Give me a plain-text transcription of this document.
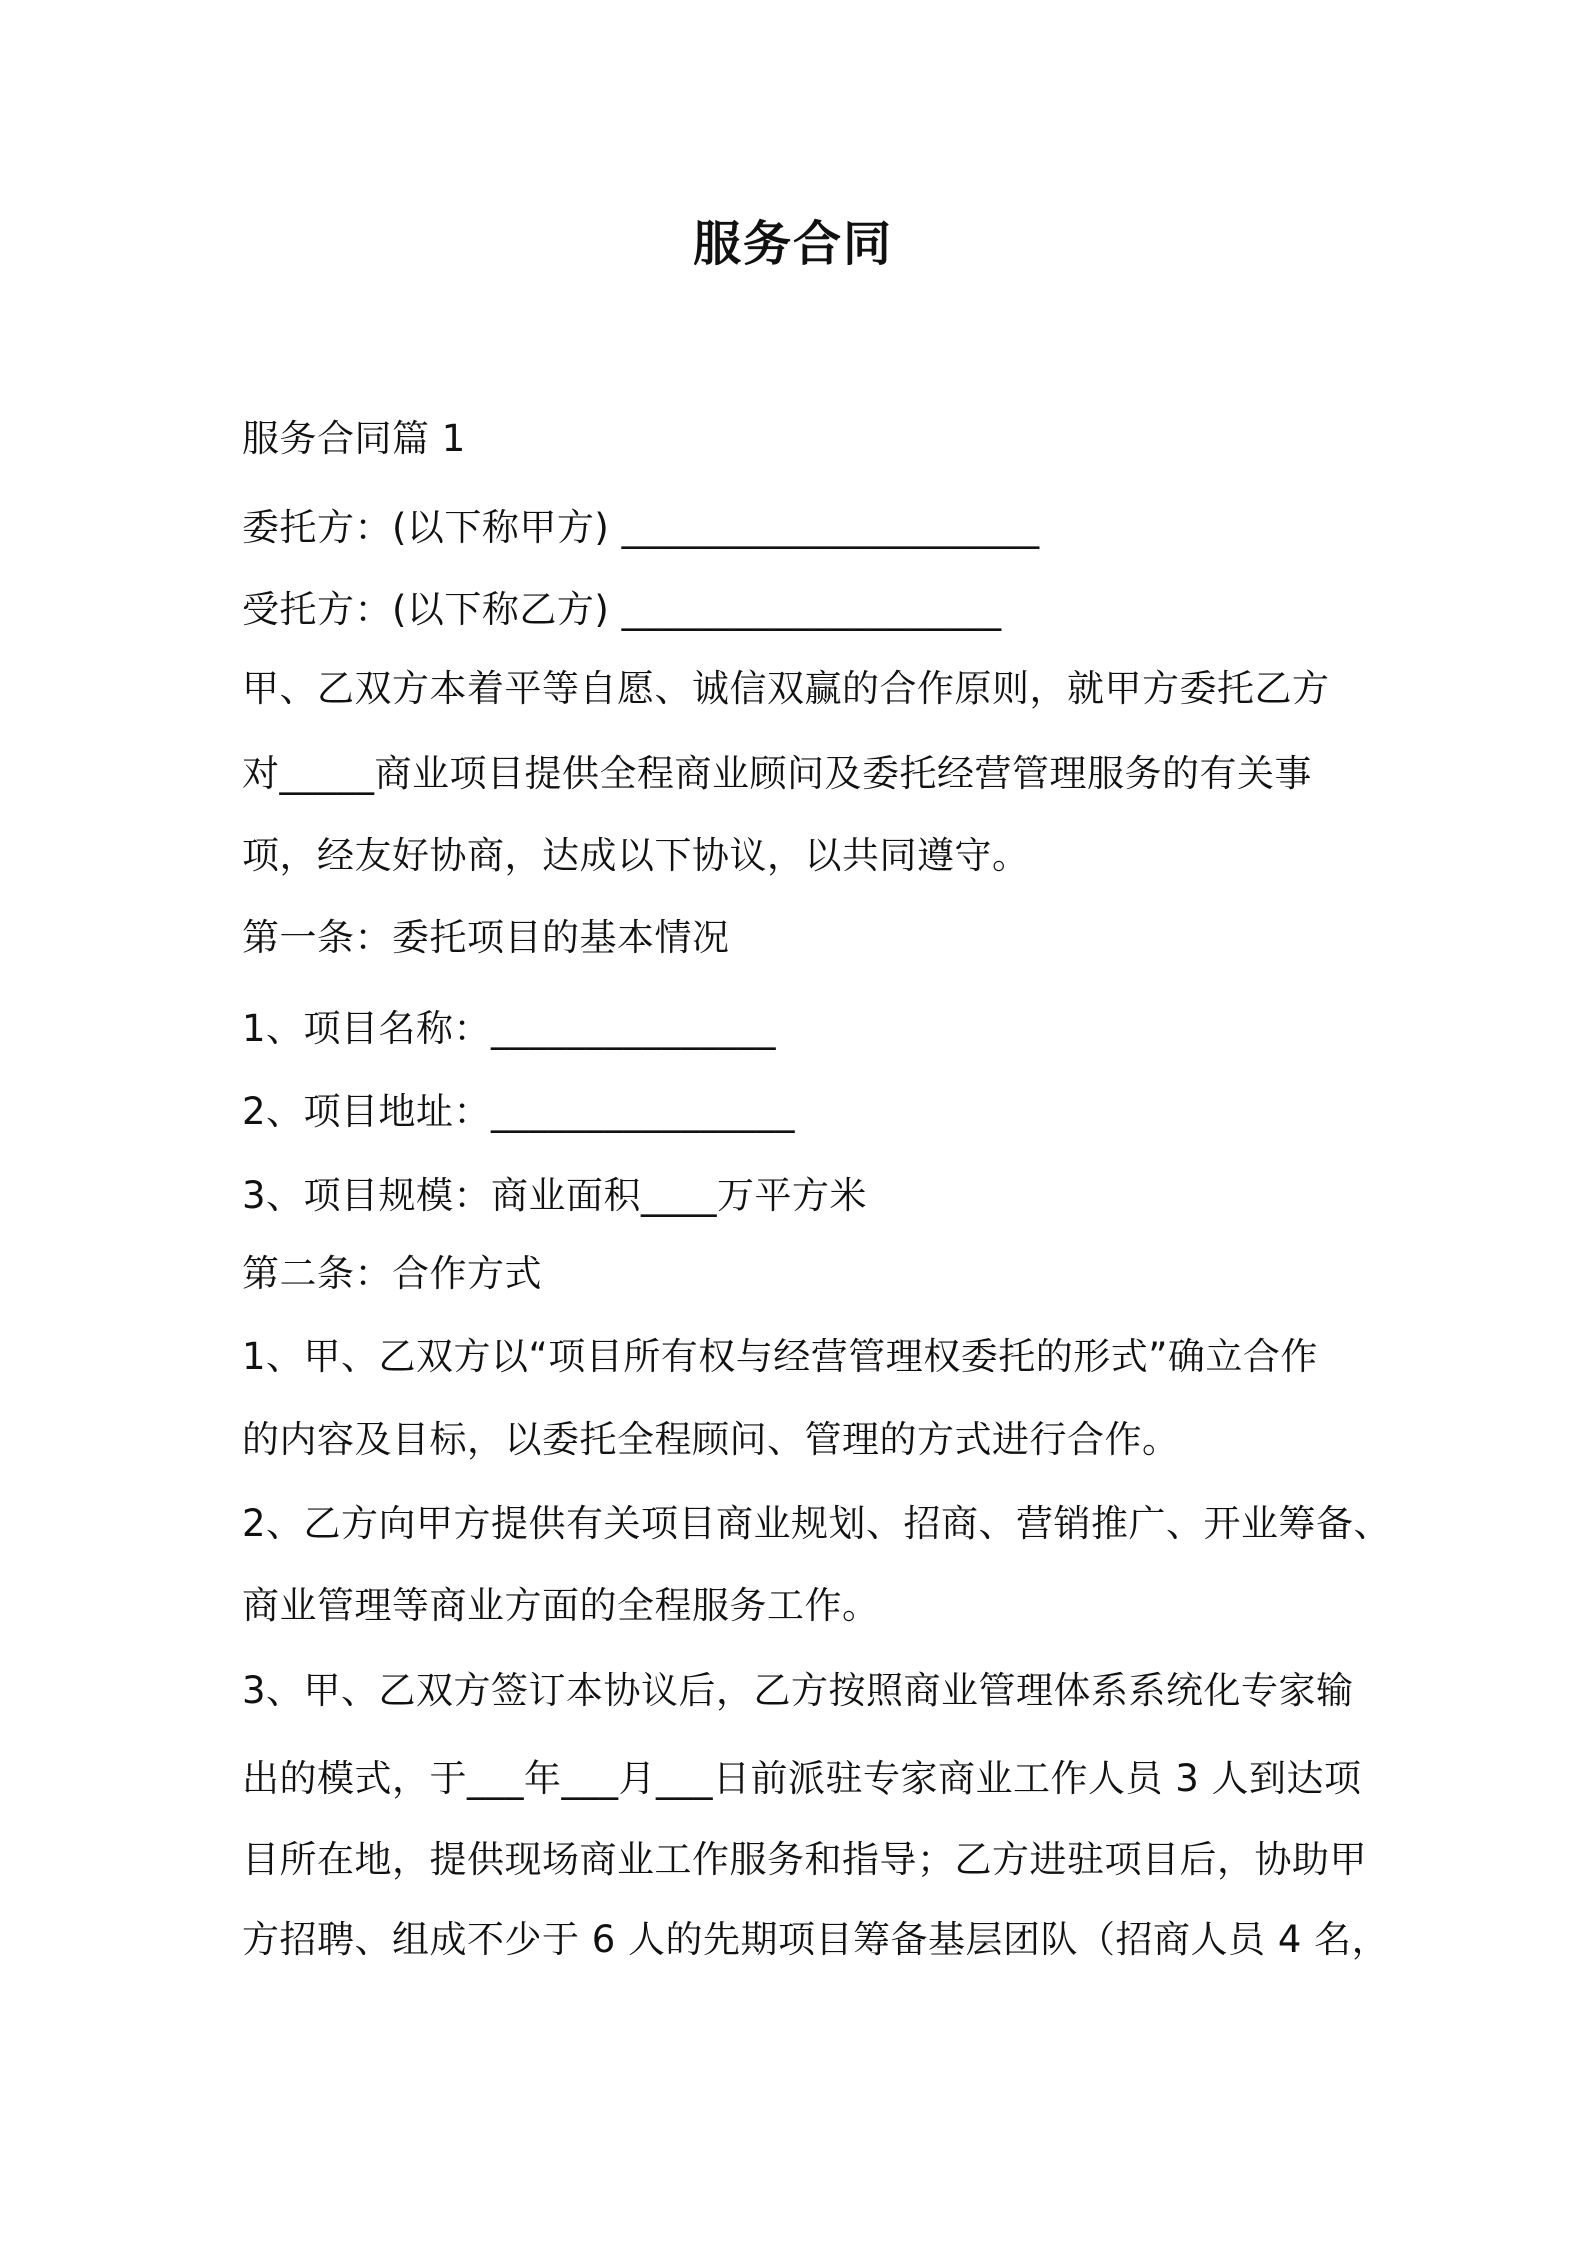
服务合同

服务合同篇 1

委托方：(以下称甲方) ______________________

受托方：(以下称乙方) ____________________

甲、乙双方本着平等自愿、诚信双赢的合作原则，就甲方委托乙方

对_____商业项目提供全程商业顾问及委托经营管理服务的有关事

项，经友好协商，达成以下协议，以共同遵守。

第一条：委托项目的基本情况

1、项目名称：_______________

2、项目地址：________________

3、项目规模：商业面积____万平方米

第二条：合作方式

1、甲、乙双方以“项目所有权与经营管理权委托的形式”确立合作

的内容及目标，以委托全程顾问、管理的方式进行合作。

2、乙方向甲方提供有关项目商业规划、招商、营销推广、开业筹备、

商业管理等商业方面的全程服务工作。

3、甲、乙双方签订本协议后，乙方按照商业管理体系系统化专家输

出的模式，于___年___月___日前派驻专家商业工作人员 3 人到达项

目所在地，提供现场商业工作服务和指导；乙方进驻项目后，协助甲

方招聘、组成不少于 6 人的先期项目筹备基层团队（招商人员 4 名，
